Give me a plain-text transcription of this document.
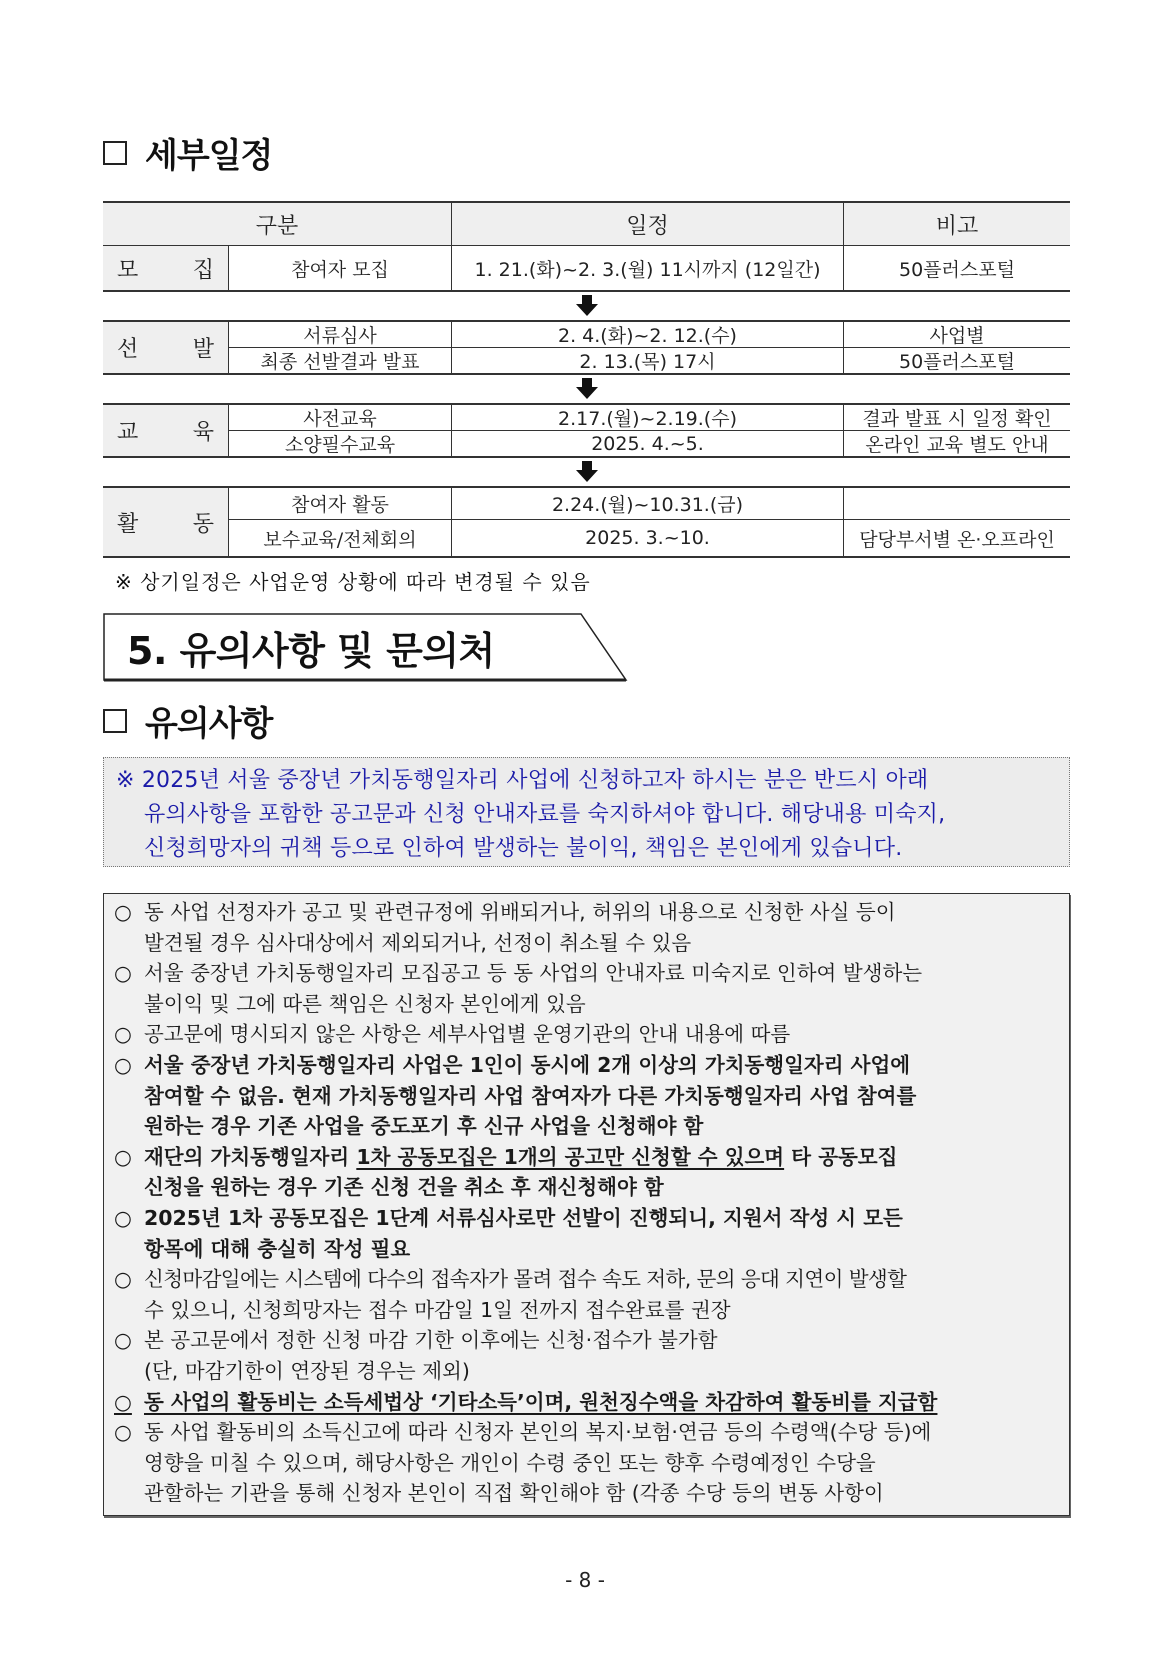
세부일정
구분	일정	비고
모 집	참여자 모집	1. 21.(화)~2. 3.(월) 11시까지 (12일간)	50플러스포털
선 발
서류심사	2. 4.(화)~2. 12.(수)	사업별
최종 선발결과 발표	2. 13.(목) 17시	50플러스포털
교 육
사전교육	2.17.(월)~2.19.(수)	결과 발표 시 일정 확인
소양필수교육	2025. 4.~5.	온라인 교육 별도 안내
활 동
참여자 활동	2.24.(월)~10.31.(금)
보수교육/전체회의	2025. 3.~10.	담당부서별 온·오프라인
※ 상기일정은 사업운영 상황에 따라 변경될 수 있음
5. 유의사항 및 문의처
유의사항
※ 2025년 서울 중장년 가치동행일자리 사업에 신청하고자 하시는 분은 반드시 아래
유의사항을 포함한 공고문과 신청 안내자료를 숙지하셔야 합니다. 해당내용 미숙지,
신청희망자의 귀책 등으로 인하여 발생하는 불이익, 책임은 본인에게 있습니다.
○ 동 사업 선정자가 공고 및 관련규정에 위배되거나, 허위의 내용으로 신청한 사실 등이
발견될 경우 심사대상에서 제외되거나, 선정이 취소될 수 있음
○ 서울 중장년 가치동행일자리 모집공고 등 동 사업의 안내자료 미숙지로 인하여 발생하는
불이익 및 그에 따른 책임은 신청자 본인에게 있음
○ 공고문에 명시되지 않은 사항은 세부사업별 운영기관의 안내 내용에 따름
○ 서울 중장년 가치동행일자리 사업은 1인이 동시에 2개 이상의 가치동행일자리 사업에
참여할 수 없음. 현재 가치동행일자리 사업 참여자가 다른 가치동행일자리 사업 참여를
원하는 경우 기존 사업을 중도포기 후 신규 사업을 신청해야 함
○ 재단의 가치동행일자리 1차 공동모집은 1개의 공고만 신청할 수 있으며 타 공동모집
신청을 원하는 경우 기존 신청 건을 취소 후 재신청해야 함
○ 2025년 1차 공동모집은 1단계 서류심사로만 선발이 진행되니, 지원서 작성 시 모든
항목에 대해 충실히 작성 필요
○ 신청마감일에는 시스템에 다수의 접속자가 몰려 접수 속도 저하, 문의 응대 지연이 발생할
수 있으니, 신청희망자는 접수 마감일 1일 전까지 접수완료를 권장
○ 본 공고문에서 정한 신청 마감 기한 이후에는 신청·접수가 불가함
(단, 마감기한이 연장된 경우는 제외)
○ 동 사업의 활동비는 소득세법상 ‘기타소득’이며, 원천징수액을 차감하여 활동비를 지급함
○ 동 사업 활동비의 소득신고에 따라 신청자 본인의 복지·보험·연금 등의 수령액(수당 등)에
영향을 미칠 수 있으며, 해당사항은 개인이 수령 중인 또는 향후 수령예정인 수당을
관할하는 기관을 통해 신청자 본인이 직접 확인해야 함 (각종 수당 등의 변동 사항이
- 8 -
